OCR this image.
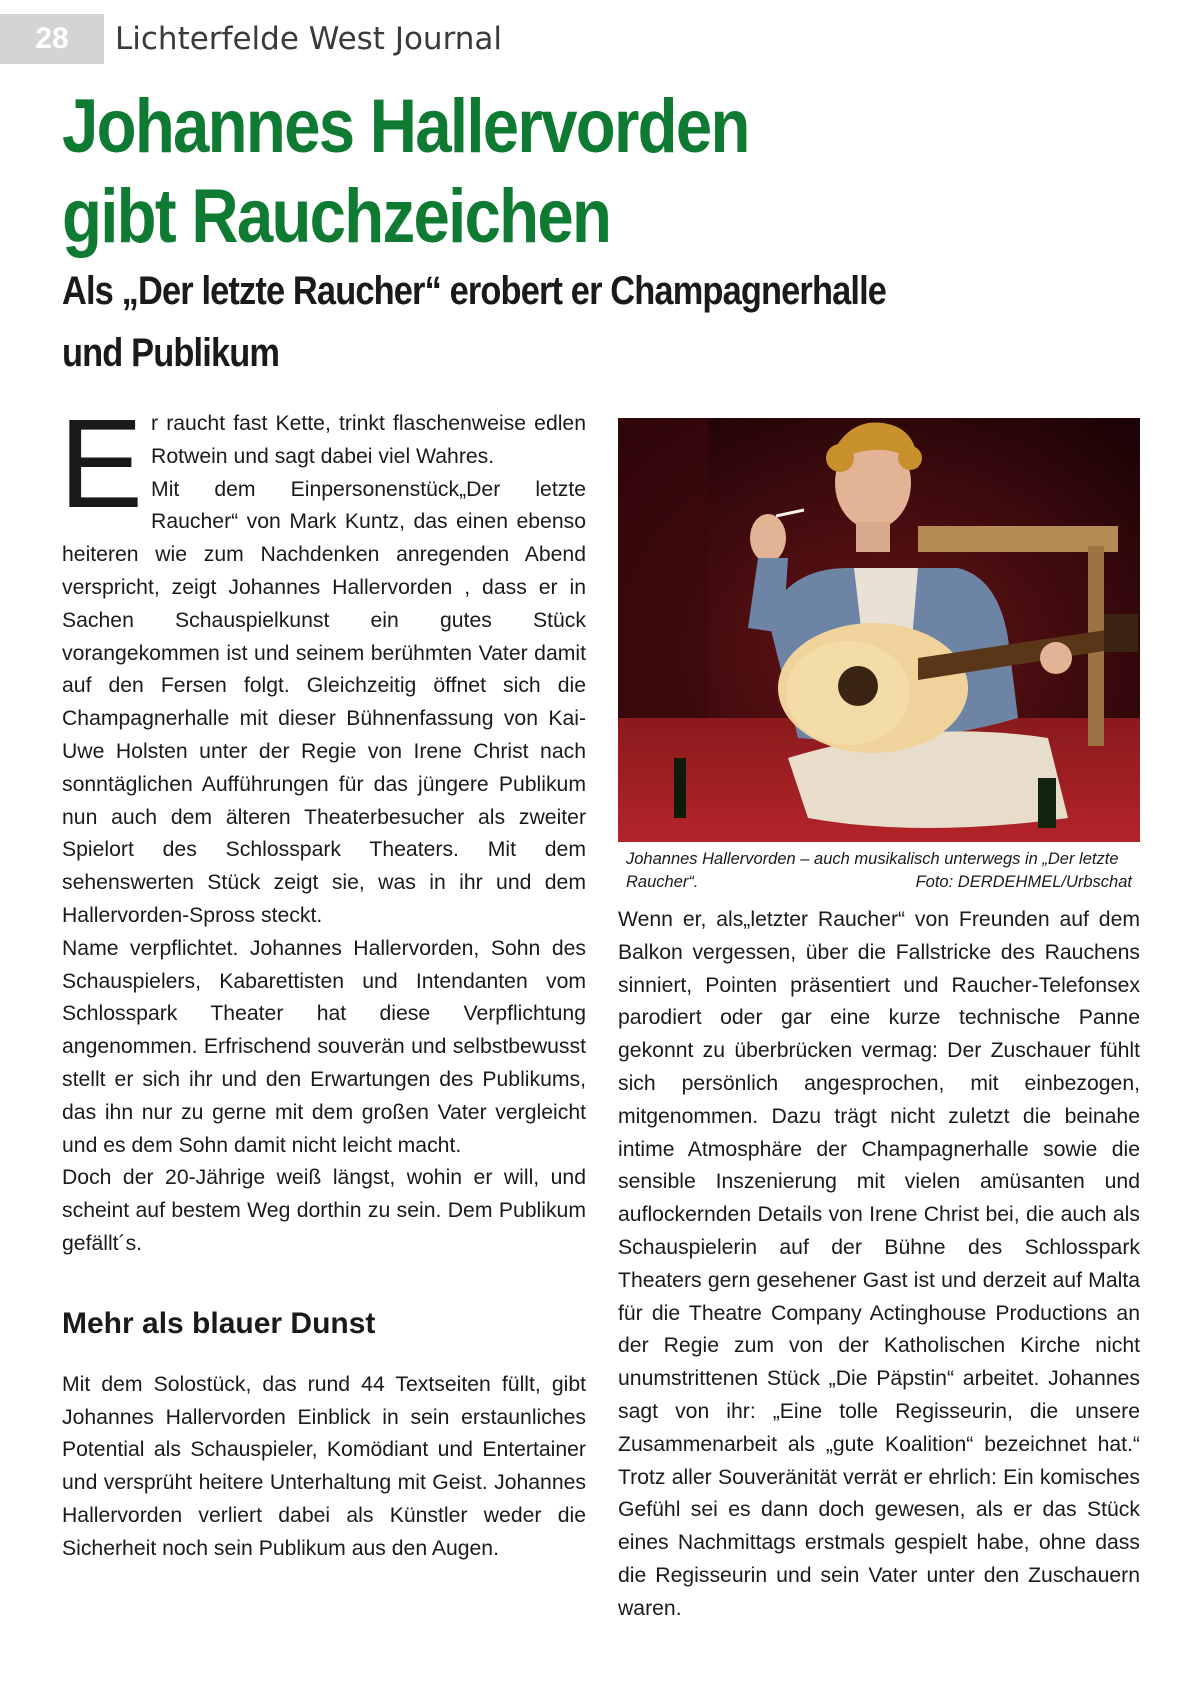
28	Lichterfelde West Journal
Johannes Hallervorden
gibt Rauchzeichen
Als „Der letzte Raucher“ erobert er Champagnerhalle
und Publikum

Er raucht fast Kette, trinkt flaschenweise edlen Rotwein und sagt dabei viel Wahres.
Mit dem Einpersonenstück„Der letzte Raucher“ von Mark Kuntz, das einen ebenso heiteren wie zum Nachdenken anregenden Abend verspricht, zeigt Johannes Hallervorden , dass er in Sachen Schauspielkunst ein gutes Stück vorangekommen ist und seinem berühmten Vater damit auf den Fersen folgt. Gleichzeitig öffnet sich die Champagnerhalle mit dieser Bühnenfassung von Kai-Uwe Holsten unter der Regie von Irene Christ nach sonntäglichen Aufführungen für das jüngere Publikum nun auch dem älteren Theaterbesucher als zweiter Spielort des Schlosspark Theaters. Mit dem sehenswerten Stück zeigt sie, was in ihr und dem Hallervorden-Spross steckt.

Name verpflichtet. Johannes Hallervorden, Sohn des Schauspielers, Kabarettisten und Intendanten vom Schlosspark Theater hat diese Verpflichtung angenommen. Erfrischend souverän und selbstbewusst stellt er sich ihr und den Erwartungen des Publikums, das ihn nur zu gerne mit dem großen Vater vergleicht und es dem Sohn damit nicht leicht macht.

Doch der 20-Jährige weiß längst, wohin er will, und scheint auf bestem Weg dorthin zu sein. Dem Publikum gefällt´s.

Mehr als blauer Dunst

Mit dem Solostück, das rund 44 Textseiten füllt, gibt Johannes Hallervorden Einblick in sein erstaunliches Potential als Schauspieler, Komödiant und Entertainer und versprüht heitere Unterhaltung mit Geist. Johannes Hallervorden verliert dabei als Künstler weder die Sicherheit noch sein Publikum aus den Augen.

Johannes Hallervorden – auch musikalisch unterwegs in „Der letzte Raucher“.	Foto: DERDEHMEL/Urbschat

Wenn er, als„letzter Raucher“ von Freunden auf dem Balkon vergessen, über die Fallstricke des Rauchens sinniert, Pointen präsentiert und Raucher-Telefonsex parodiert oder gar eine kurze technische Panne gekonnt zu überbrücken vermag: Der Zuschauer fühlt sich persönlich angesprochen, mit einbezogen, mitgenommen. Dazu trägt nicht zuletzt die beinahe intime Atmosphäre der Champagnerhalle sowie die sensible Inszenierung mit vielen amüsanten und auflockernden Details von Irene Christ bei, die auch als Schauspielerin auf der Bühne des Schlosspark Theaters gern gesehener Gast ist und derzeit auf Malta für die Theatre Company Actinghouse Productions an der Regie zum von der Katholischen Kirche nicht unumstrittenen Stück „Die Päpstin“ arbeitet. Johannes sagt von ihr: „Eine tolle Regisseurin, die unsere Zusammenarbeit als „gute Koalition“ bezeichnet hat.“ Trotz aller Souveränität verrät er ehrlich: Ein komisches Gefühl sei es dann doch gewesen, als er das Stück eines Nachmittags erstmals gespielt habe, ohne dass die Regisseurin und sein Vater unter den Zuschauern waren.
